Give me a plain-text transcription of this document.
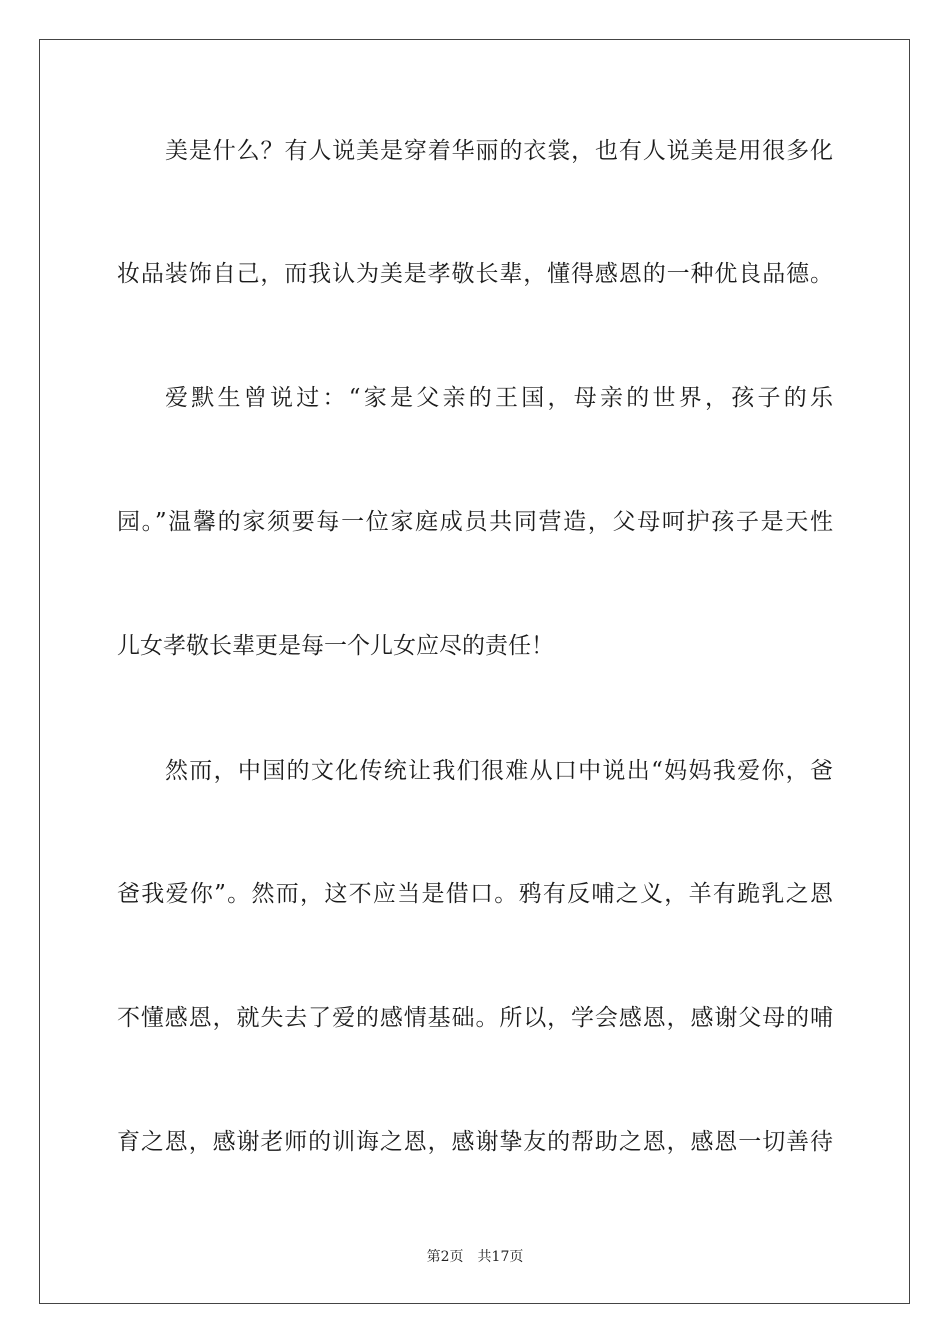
美是什么？有人说美是穿着华丽的衣裳，也有人说美是用很多化
妆品装饰自己，而我认为美是孝敬长辈，懂得感恩的一种优良品德。
爱默生曾说过：“家是父亲的王国，母亲的世界，孩子的乐
园。”温馨的家须要每一位家庭成员共同营造，父母呵护孩子是天性
儿女孝敬长辈更是每一个儿女应尽的责任！
然而，中国的文化传统让我们很难从口中说出“妈妈我爱你，爸
爸我爱你”。然而，这不应当是借口。鸦有反哺之义，羊有跪乳之恩
不懂感恩，就失去了爱的感情基础。所以，学会感恩，感谢父母的哺
育之恩，感谢老师的训诲之恩，感谢挚友的帮助之恩，感恩一切善待
第2页 共17页
